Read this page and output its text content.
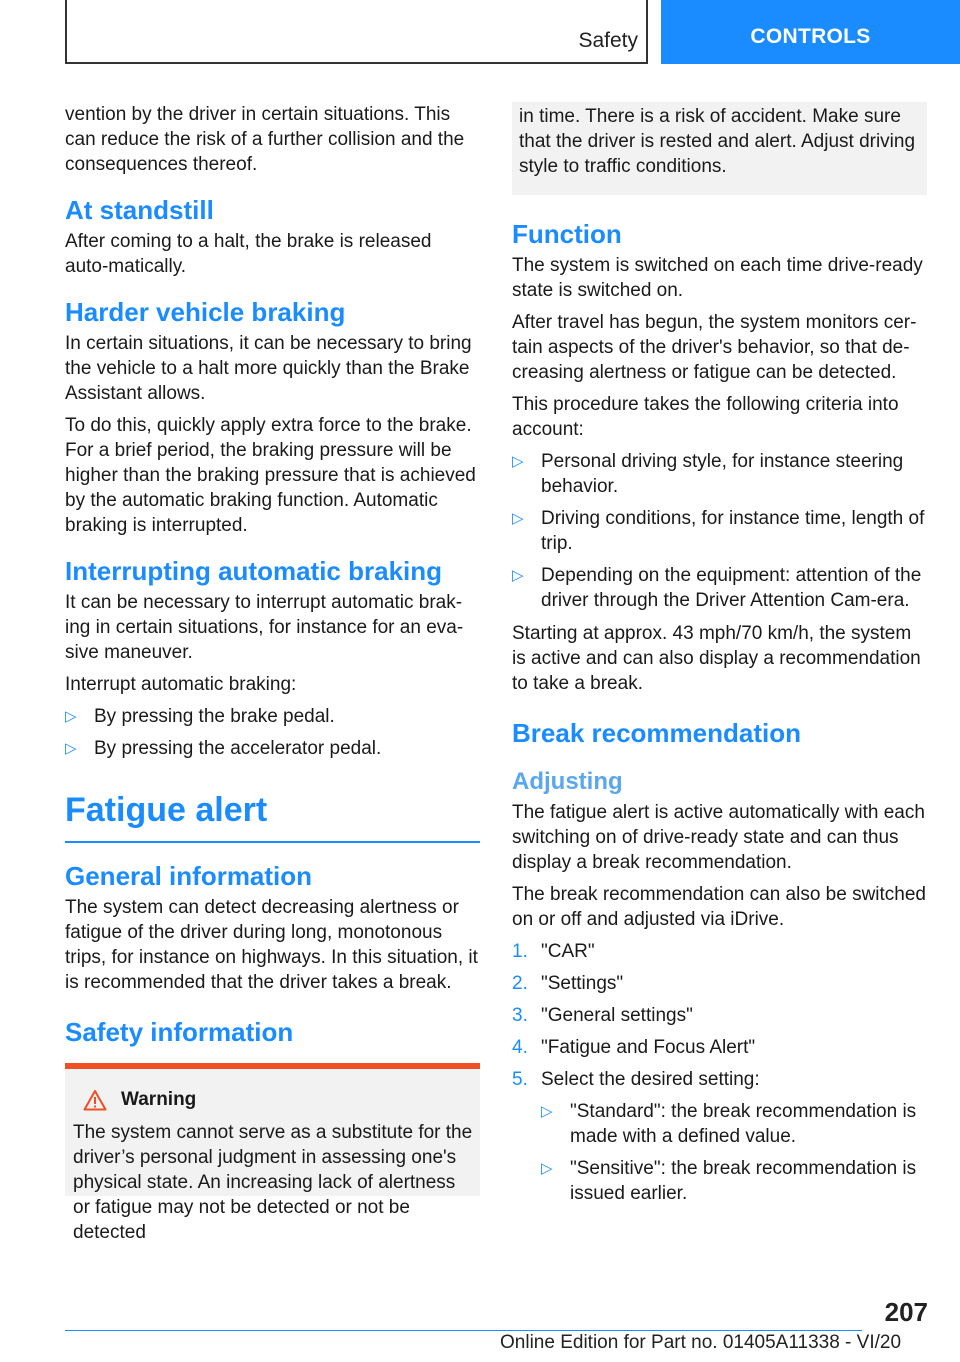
Safety	CONTROLS

vention by the driver in certain situations. This can reduce the risk of a further collision and the consequences thereof.

At standstill

After coming to a halt, the brake is released auto‐matically.

Harder vehicle braking

In certain situations, it can be necessary to bring the vehicle to a halt more quickly than the Brake Assistant allows.

To do this, quickly apply extra force to the brake. For a brief period, the braking pressure will be higher than the braking pressure that is achieved by the automatic braking function. Automatic braking is interrupted.

Interrupting automatic braking

It can be necessary to interrupt automatic brak‐ing in certain situations, for instance for an eva‐sive maneuver.

Interrupt automatic braking:

▷ By pressing the brake pedal.
▷ By pressing the accelerator pedal.
Fatigue alert
General information

The system can detect decreasing alertness or fatigue of the driver during long, monotonous trips, for instance on highways. In this situation, it is recommended that the driver takes a break.

Safety information
Warning

The system cannot serve as a substitute for the driver’s personal judgment in assessing one's physical state. An increasing lack of alertness or fatigue may not be detected or not be detected

in time. There is a risk of accident. Make sure that the driver is rested and alert. Adjust driving style to traffic conditions.

Function

The system is switched on each time drive-ready state is switched on.

After travel has begun, the system monitors cer‐tain aspects of the driver's behavior, so that de‐creasing alertness or fatigue can be detected.

This procedure takes the following criteria into account:

▷ Personal driving style, for instance steering behavior.
▷ Driving conditions, for instance time, length of trip.
▷ Depending on the equipment: attention of the driver through the Driver Attention Cam‐era.

Starting at approx. 43 mph/70 km/h, the system is active and can also display a recommendation to take a break.

Break recommendation
Adjusting

The fatigue alert is active automatically with each switching on of drive-ready state and can thus display a break recommendation.

The break recommendation can also be switched on or off and adjusted via iDrive.

1. "CAR"
2. "Settings"
3. "General settings"
4. "Fatigue and Focus Alert"
5. Select the desired setting:
▷ "Standard": the break recommendation is made with a defined value.
▷ "Sensitive": the break recommendation is issued earlier.
207
Online Edition for Part no. 01405A11338 - VI/20
